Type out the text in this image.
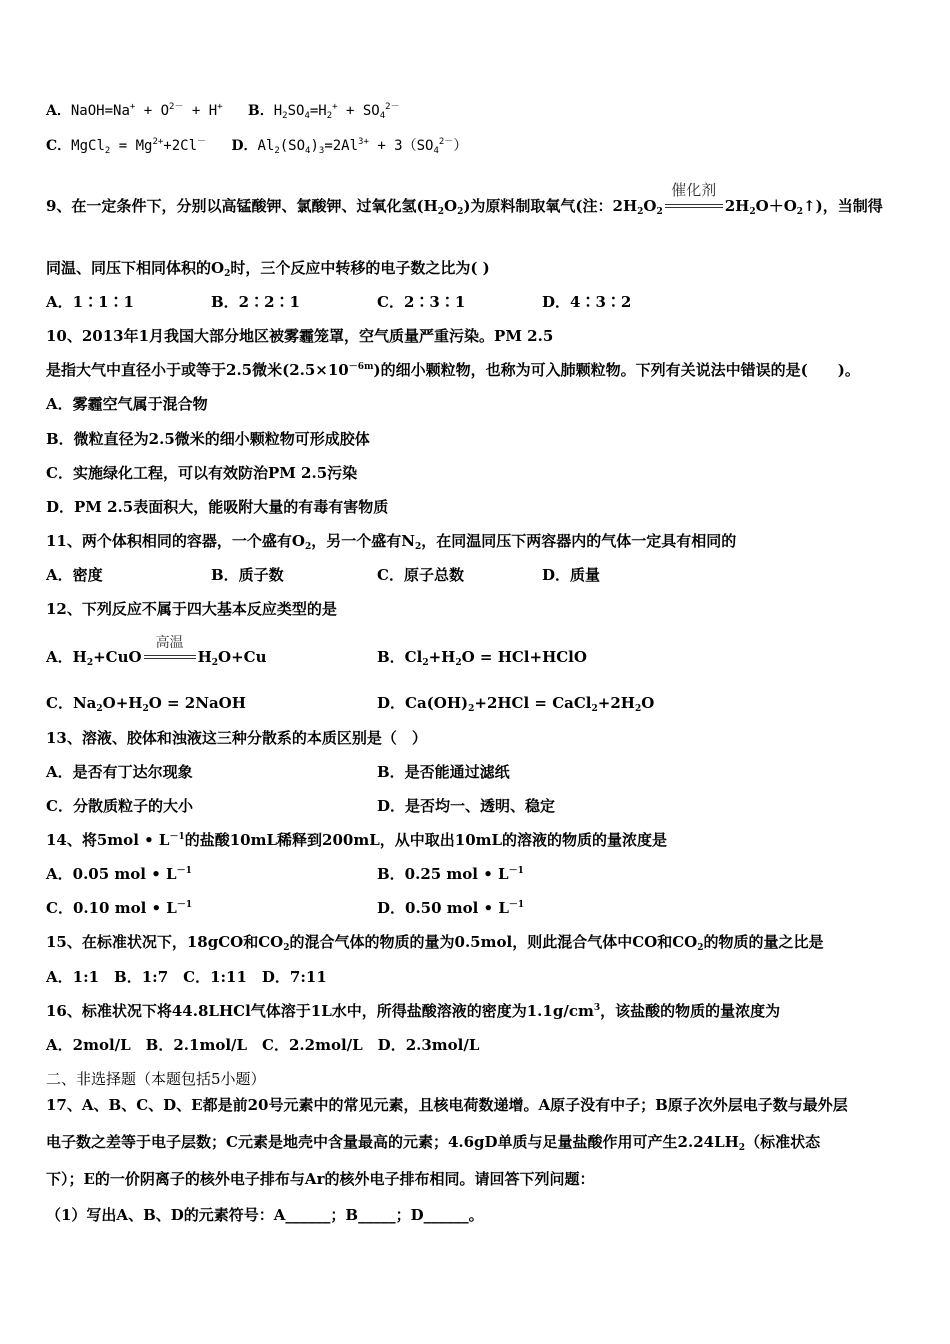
A．NaOH=Na+ + $O^{2-} + H^+$ B．$H_2SO_4=H_2^+ + SO_4^{2-}$
C．MgCl$_2$ = $Mg^{2+}+2Cl^-$ D．$Al_2(SO_4)_3=2Al^{3+} + 3(SO_4^{2-})$
9、在一定条件下，分别以高锰酸钾、氯酸钾、过氧化氢$(H_2O_2)$为原料制取氧气(注：$2H_2O_2$
催化剂
$2H_2O+O_2↑$)，当制得
同温、同压下相同体积的$O_2$时，三个反应中转移的电子数之比为( )
A．1∶1∶1	B．2∶2∶1	C．2∶3∶1	D．4∶3∶2
10、2013年1月我国大部分地区被雾霾笼罩，空气质量严重污染。PM 2.5
是指大气中直径小于或等于2.5微米$(2.5\times 10^{-6m})$的细小颗粒物，也称为可入肺颗粒物。下列有关说法中错误的是(　　)。
A．雾霾空气属于混合物
B．微粒直径为2.5微米的细小颗粒物可形成胶体
C．实施绿化工程，可以有效防治PM 2.5污染
D．PM 2.5表面积大，能吸附大量的有毒有害物质
11、两个体积相同的容器，一个盛有$O_2$，另一个盛有$N_2$，在同温同压下两容器内的气体一定具有相同的
A．密度	B．质子数	C．原子总数	D．质量
12、下列反应不属于四大基本反应类型的是
A．$H_2+CuO$
高温
$H_2O+Cu$	B．$Cl_2+H_2O$ = HCl+HClO
C．$Na_2O+H_2O$ = 2NaOH	D．$Ca(OH)_2+2HCl$ = $CaCl_2+2H_2O$
13、溶液、胶体和浊液这三种分散系的本质区别是（　）
A．是否有丁达尔现象	B．是否能通过滤纸
C．分散质粒子的大小	D．是否均一、透明、稳定
14、将5mol • $L^{-1}$的盐酸10mL稀释到200mL，从中取出10mL的溶液的物质的量浓度是
A．0.05 mol • $L^{-1}$	B．0.25 mol • $L^{-1}$
C．0.10 mol • $L^{-1}$	D．0.50 mol • $L^{-1}$
15、在标准状况下，18gCO和$CO_2$的混合气体的物质的量为0.5mol，则此混合气体中CO和$CO_2$的物质的量之比是
A．1:1　B．1:7　C．1:11　D．7:11
16、标准状况下将44.8LHCl气体溶于1L水中，所得盐酸溶液的密度为$1.1g/cm^3$，该盐酸的物质的量浓度为
A．2mol/L　B．2.1mol/L　C．2.2mol/L　D．2.3mol/L
二、非选择题（本题包括5小题）
17、A、B、C、D、E都是前20号元素中的常见元素，且核电荷数递增。A原子没有中子；B原子次外层电子数与最外层
电子数之差等于电子层数；C元素是地壳中含量最高的元素；4.6gD单质与足量盐酸作用可产生$2.24LH_2$（标准状态
下）；E的一价阴离子的核外电子排布与Ar的核外电子排布相同。请回答下列问题：
（1）写出A、B、D的元素符号：A______；B_____；D______。
